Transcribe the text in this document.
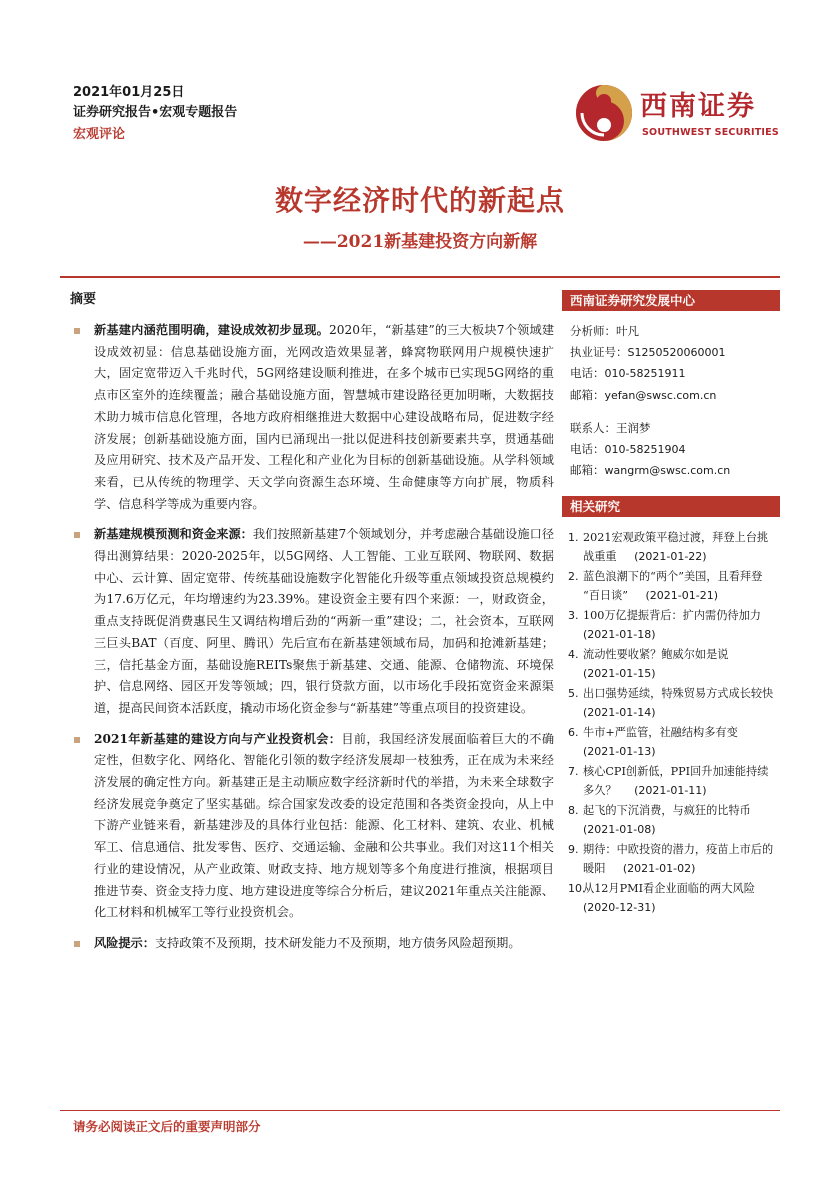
2021年01月25日
证券研究报告•宏观专题报告
宏观评论
西南证券
SOUTHWEST SECURITIES
数字经济时代的新起点
——2021新基建投资方向新解
摘要
新基建内涵范围明确，建设成效初步显现。2020年，“新基建”的三大板块7个领域建设成效初显：信息基础设施方面，光网改造效果显著，蜂窝物联网用户规模快速扩大，固定宽带迈入千兆时代，5G网络建设顺利推进，在多个城市已实现5G网络的重点市区室外的连续覆盖；融合基础设施方面，智慧城市建设路径更加明晰，大数据技术助力城市信息化管理，各地方政府相继推进大数据中心建设战略布局，促进数字经济发展；创新基础设施方面，国内已涌现出一批以促进科技创新要素共享，贯通基础及应用研究、技术及产品开发、工程化和产业化为目标的创新基础设施。从学科领域来看，已从传统的物理学、天文学向资源生态环境、生命健康等方向扩展，物质科学、信息科学等成为重要内容。
新基建规模预测和资金来源：我们按照新基建7个领域划分，并考虑融合基础设施口径得出测算结果：2020-2025年，以5G网络、人工智能、工业互联网、物联网、数据中心、云计算、固定宽带、传统基础设施数字化智能化升级等重点领域投资总规模约为17.6万亿元，年均增速约为23.39%。建设资金主要有四个来源：一，财政资金，重点支持既促消费惠民生又调结构增后劲的“两新一重”建设；二，社会资本，互联网三巨头BAT（百度、阿里、腾讯）先后宣布在新基建领域布局，加码和抢滩新基建；三，信托基金方面，基础设施REITs聚焦于新基建、交通、能源、仓储物流、环境保护、信息网络、园区开发等领域；四，银行贷款方面，以市场化手段拓宽资金来源渠道，提高民间资本活跃度，撬动市场化资金参与“新基建”等重点项目的投资建设。
2021年新基建的建设方向与产业投资机会：目前，我国经济发展面临着巨大的不确定性，但数字化、网络化、智能化引领的数字经济发展却一枝独秀，正在成为未来经济发展的确定性方向。新基建正是主动顺应数字经济新时代的举措，为未来全球数字经济发展竞争奠定了坚实基础。综合国家发改委的设定范围和各类资金投向，从上中下游产业链来看，新基建涉及的具体行业包括：能源、化工材料、建筑、农业、机械军工、信息通信、批发零售、医疗、交通运输、金融和公共事业。我们对这11个相关行业的建设情况，从产业政策、财政支持、地方规划等多个角度进行推演，根据项目推进节奏、资金支持力度、地方建设进度等综合分析后，建议2021年重点关注能源、化工材料和机械军工等行业投资机会。
风险提示：支持政策不及预期，技术研发能力不及预期，地方债务风险超预期。
西南证券研究发展中心
分析师：叶凡
执业证号：S1250520060001
电话：010-58251911
邮箱：yefan@swsc.com.cn
联系人：王润梦
电话：010-58251904
邮箱：wangrm@swsc.com.cn
相关研究
1. 2021宏观政策平稳过渡，拜登上台挑
战重重 (2021-01-22)
2. 蓝色浪潮下的“两个”美国，且看拜登
“百日谈” (2021-01-21)
3. 100万亿提振背后：扩内需仍待加力
(2021-01-18)
4. 流动性要收紧？鲍威尔如是说
(2021-01-15)
5. 出口强势延续，特殊贸易方式成长较快
(2021-01-14)
6. 牛市+严监管，社融结构多有变
(2021-01-13)
7. 核心CPI创新低，PPI回升加速能持续
多久？ (2021-01-11)
8. 起飞的下沉消费，与疯狂的比特币
(2021-01-08)
9. 期待：中欧投资的潜力，疫苗上市后的
暖阳 (2021-01-02)
10.
从12月PMI看企业面临的两大风险
(2020-12-31)
请务必阅读正文后的重要声明部分
